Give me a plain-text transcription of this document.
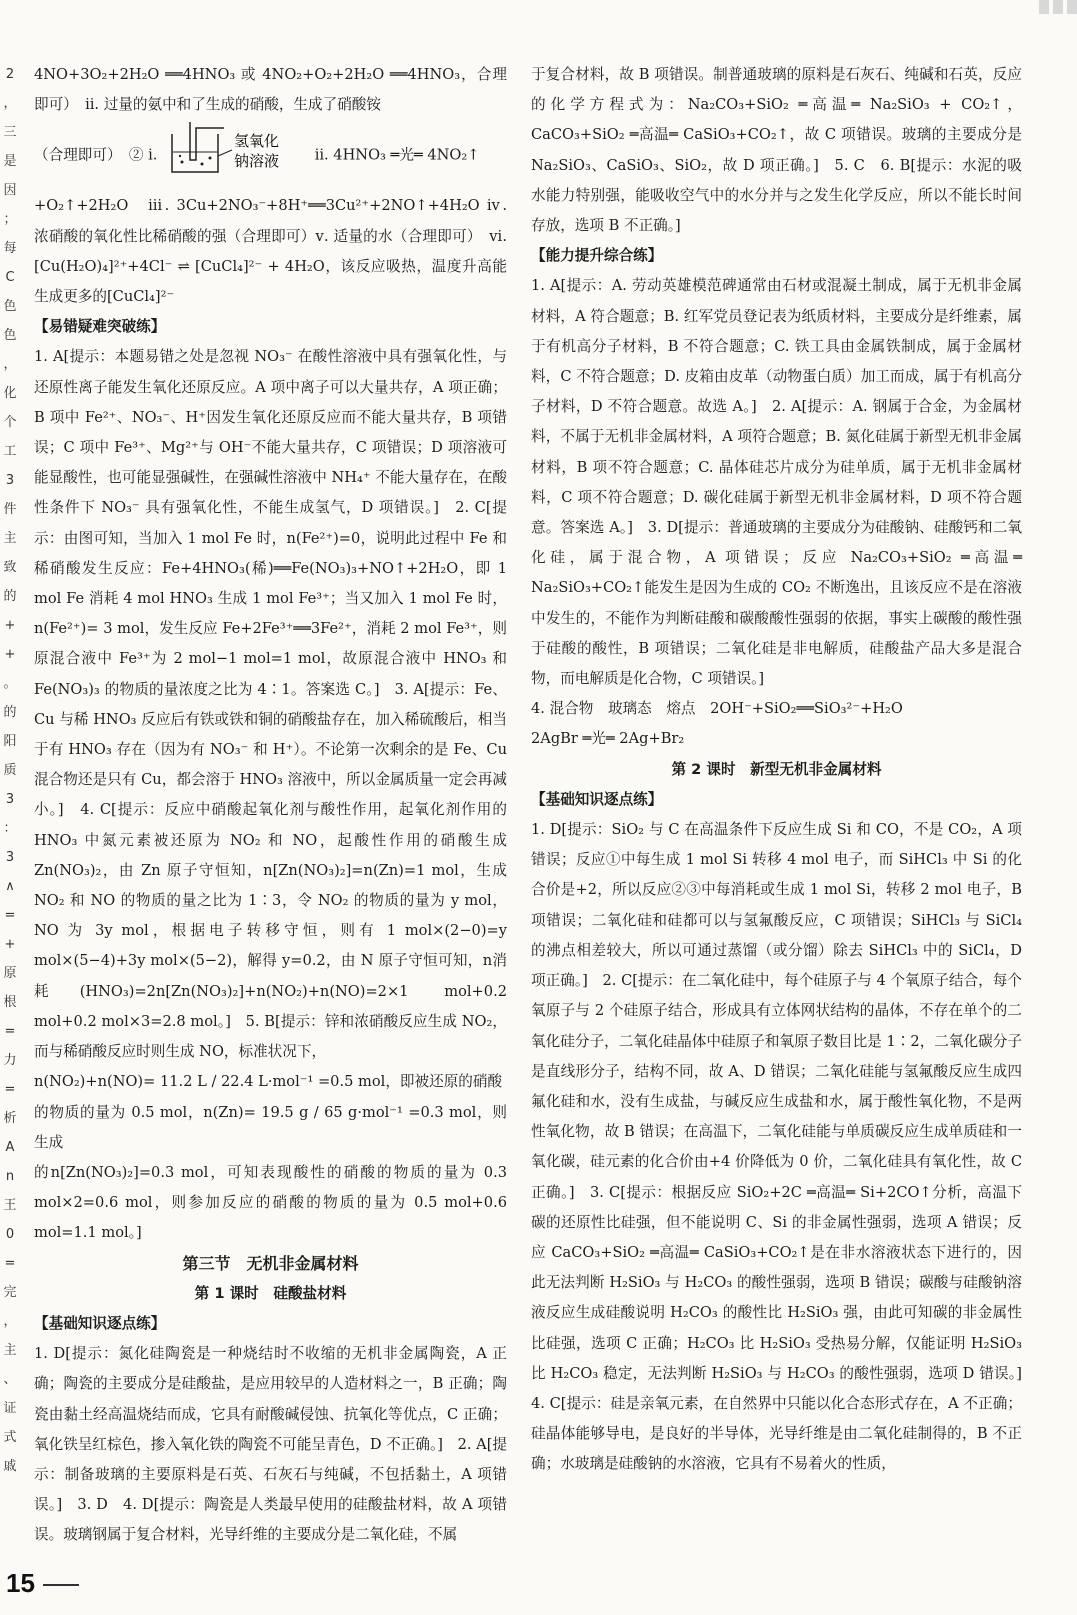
2
，
三
是
因
；
每
C
色
色
，
化
个
工
3
件
主
致
的
+
+
。
的
阳
质
3
：
3
∧
=
+
原
根
=
力
=
析
A
n
王
0
=
完
，
主
、
证
式
戚

4NO+3O₂+2H₂O ══4HNO₃ 或 4NO₂+O₂+2H₂O ══4HNO₃，合理即可）　ⅱ. 过量的氨中和了生成的硝酸，生成了硝酸铵

（合理即可）　② ⅰ.
氢氧化
钠溶液 ⅱ. 4HNO₃ ═光═ 4NO₂↑

+O₂↑+2H₂O　ⅲ. 3Cu+2NO₃⁻+8H⁺══3Cu²⁺+2NO↑+4H₂O ⅳ. 浓硝酸的氧化性比稀硝酸的强（合理即可）ⅴ. 适量的水（合理即可）　ⅵ. [Cu(H₂O)₄]²⁺+4Cl⁻ ⇌ [CuCl₄]²⁻ + 4H₂O，该反应吸热，温度升高能生成更多的[CuCl₄]²⁻

【易错疑难突破练】

1. A[提示：本题易错之处是忽视 NO₃⁻ 在酸性溶液中具有强氧化性，与还原性离子能发生氧化还原反应。A 项中离子可以大量共存，A 项正确；B 项中 Fe²⁺、NO₃⁻、H⁺因发生氧化还原反应而不能大量共存，B 项错误；C 项中 Fe³⁺、Mg²⁺与 OH⁻不能大量共存，C 项错误；D 项溶液可能显酸性，也可能显强碱性，在强碱性溶液中 NH₄⁺ 不能大量存在，在酸性条件下 NO₃⁻ 具有强氧化性，不能生成氢气，D 项错误。]　2. C[提示：由图可知，当加入 1 mol Fe 时，n(Fe²⁺)=0，说明此过程中 Fe 和稀硝酸发生反应：Fe+4HNO₃(稀)══Fe(NO₃)₃+NO↑+2H₂O，即 1 mol Fe 消耗 4 mol HNO₃ 生成 1 mol Fe³⁺；当又加入 1 mol Fe 时，n(Fe²⁺)= 3 mol，发生反应 Fe+2Fe³⁺══3Fe²⁺，消耗 2 mol Fe³⁺，则原混合液中 Fe³⁺为 2 mol−1 mol=1 mol，故原混合液中 HNO₃ 和 Fe(NO₃)₃ 的物质的量浓度之比为 4∶1。答案选 C。]　3. A[提示：Fe、Cu 与稀 HNO₃ 反应后有铁或铁和铜的硝酸盐存在，加入稀硫酸后，相当于有 HNO₃ 存在（因为有 NO₃⁻ 和 H⁺）。不论第一次剩余的是 Fe、Cu 混合物还是只有 Cu，都会溶于 HNO₃ 溶液中，所以金属质量一定会再减小。]　4. C[提示：反应中硝酸起氧化剂与酸性作用，起氧化剂作用的 HNO₃ 中氮元素被还原为 NO₂ 和 NO，起酸性作用的硝酸生成 Zn(NO₃)₂，由 Zn 原子守恒知，n[Zn(NO₃)₂]=n(Zn)=1 mol，生成 NO₂ 和 NO 的物质的量之比为 1∶3，令 NO₂ 的物质的量为 y mol，NO 为 3y mol，根据电子转移守恒，则有 1 mol×(2−0)=y mol×(5−4)+3y mol×(5−2)，解得 y=0.2，由 N 原子守恒可知，n消耗(HNO₃)=2n[Zn(NO₃)₂]+n(NO₂)+n(NO)=2×1 mol+0.2 mol+0.2 mol×3=2.8 mol。]　5. B[提示：锌和浓硝酸反应生成 NO₂，而与稀硝酸反应时则生成 NO，标准状况下，

n(NO₂)+n(NO)= 11.2 L / 22.4 L·mol⁻¹ =0.5 mol，即被还原的硝酸

的物质的量为 0.5 mol，n(Zn)= 19.5 g / 65 g·mol⁻¹ =0.3 mol，则生成

的n[Zn(NO₃)₂]=0.3 mol，可知表现酸性的硝酸的物质的量为 0.3 mol×2=0.6 mol，则参加反应的硝酸的物质的量为 0.5 mol+0.6 mol=1.1 mol。]

第三节　无机非金属材料

第 1 课时　硅酸盐材料

【基础知识逐点练】

1. D[提示：氮化硅陶瓷是一种烧结时不收缩的无机非金属陶瓷，A 正确；陶瓷的主要成分是硅酸盐，是应用较早的人造材料之一，B 正确；陶瓷由黏土经高温烧结而成，它具有耐酸碱侵蚀、抗氧化等优点，C 正确；氧化铁呈红棕色，掺入氧化铁的陶瓷不可能呈青色，D 不正确。]　2. A[提示：制备玻璃的主要原料是石英、石灰石与纯碱，不包括黏土，A 项错误。]　3. D　4. D[提示：陶瓷是人类最早使用的硅酸盐材料，故 A 项错误。玻璃钢属于复合材料，光导纤维的主要成分是二氧化硅，不属

于复合材料，故 B 项错误。制普通玻璃的原料是石灰石、纯碱和石英，反应的化学方程式为：Na₂CO₃+SiO₂ ═高温═ Na₂SiO₃ + CO₂↑，CaCO₃+SiO₂ ═高温═ CaSiO₃+CO₂↑，故 C 项错误。玻璃的主要成分是 Na₂SiO₃、CaSiO₃、SiO₂，故 D 项正确。]　5. C　6. B[提示：水泥的吸水能力特别强，能吸收空气中的水分并与之发生化学反应，所以不能长时间存放，选项 B 不正确。]

【能力提升综合练】

1. A[提示：A. 劳动英雄模范碑通常由石材或混凝土制成，属于无机非金属材料，A 符合题意；B. 红军党员登记表为纸质材料，主要成分是纤维素，属于有机高分子材料，B 不符合题意；C. 铁工具由金属铁制成，属于金属材料，C 不符合题意；D. 皮箱由皮革（动物蛋白质）加工而成，属于有机高分子材料，D 不符合题意。故选 A。]　2. A[提示：A. 钢属于合金，为金属材料，不属于无机非金属材料，A 项符合题意；B. 氮化硅属于新型无机非金属材料，B 项不符合题意；C. 晶体硅芯片成分为硅单质，属于无机非金属材料，C 项不符合题意；D. 碳化硅属于新型无机非金属材料，D 项不符合题意。答案选 A。]　3. D[提示：普通玻璃的主要成分为硅酸钠、硅酸钙和二氧化硅，属于混合物，A 项错误；反应 Na₂CO₃+SiO₂ ═高温═ Na₂SiO₃+CO₂↑能发生是因为生成的 CO₂ 不断逸出，且该反应不是在溶液中发生的，不能作为判断硅酸和碳酸酸性强弱的依据，事实上碳酸的酸性强于硅酸的酸性，B 项错误；二氧化硅是非电解质，硅酸盐产品大多是混合物，而电解质是化合物，C 项错误。]

4. 混合物　玻璃态　熔点　2OH⁻+SiO₂══SiO₃²⁻+H₂O

2AgBr ═光═ 2Ag+Br₂

第 2 课时　新型无机非金属材料

【基础知识逐点练】

1. D[提示：SiO₂ 与 C 在高温条件下反应生成 Si 和 CO，不是 CO₂，A 项错误；反应①中每生成 1 mol Si 转移 4 mol 电子，而 SiHCl₃ 中 Si 的化合价是+2，所以反应②③中每消耗或生成 1 mol Si，转移 2 mol 电子，B 项错误；二氧化硅和硅都可以与氢氟酸反应，C 项错误；SiHCl₃ 与 SiCl₄ 的沸点相差较大，所以可通过蒸馏（或分馏）除去 SiHCl₃ 中的 SiCl₄，D 项正确。]　2. C[提示：在二氧化硅中，每个硅原子与 4 个氧原子结合，每个氧原子与 2 个硅原子结合，形成具有立体网状结构的晶体，不存在单个的二氧化硅分子，二氧化硅晶体中硅原子和氧原子数目比是 1∶2，二氧化碳分子是直线形分子，结构不同，故 A、D 错误；二氧化硅能与氢氟酸反应生成四氟化硅和水，没有生成盐，与碱反应生成盐和水，属于酸性氧化物，不是两性氧化物，故 B 错误；在高温下，二氧化硅能与单质碳反应生成单质硅和一氧化碳，硅元素的化合价由+4 价降低为 0 价，二氧化硅具有氧化性，故 C 正确。]　3. C[提示：根据反应 SiO₂+2C ═高温═ Si+2CO↑分析，高温下碳的还原性比硅强，但不能说明 C、Si 的非金属性强弱，选项 A 错误；反应 CaCO₃+SiO₂ ═高温═ CaSiO₃+CO₂↑是在非水溶液状态下进行的，因此无法判断 H₂SiO₃ 与 H₂CO₃ 的酸性强弱，选项 B 错误；碳酸与硅酸钠溶液反应生成硅酸说明 H₂CO₃ 的酸性比 H₂SiO₃ 强，由此可知碳的非金属性比硅强，选项 C 正确；H₂CO₃ 比 H₂SiO₃ 受热易分解，仅能证明 H₂SiO₃ 比 H₂CO₃ 稳定，无法判断 H₂SiO₃ 与 H₂CO₃ 的酸性强弱，选项 D 错误。]　4. C[提示：硅是亲氧元素，在自然界中只能以化合态形式存在，A 不正确；硅晶体能够导电，是良好的半导体，光导纤维是由二氧化硅制得的，B 不正确；水玻璃是硅酸钠的水溶液，它具有不易着火的性质，

15
